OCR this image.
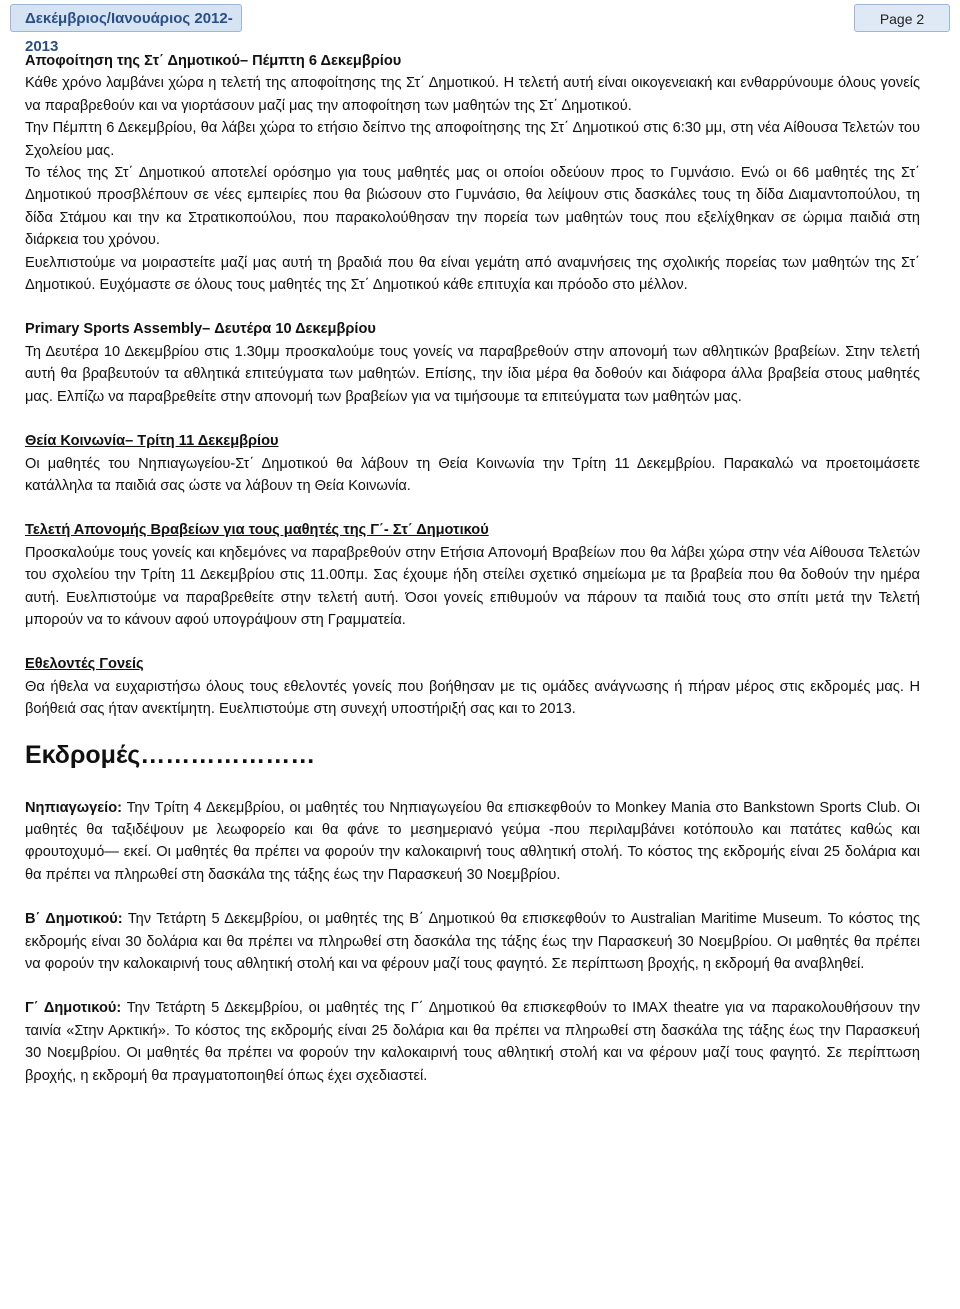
Δεκέμβριος/Ιανουάριος 2012-2013
Page 2

Αποφοίτηση της Στ΄ Δημοτικού– Πέμπτη 6 Δεκεμβρίου

Κάθε χρόνο λαμβάνει χώρα η τελετή της αποφοίτησης της Στ΄ Δημοτικού. Η τελετή αυτή είναι οικογενειακή και ενθαρρύνουμε όλους γονείς να παραβρεθούν και να γιορτάσουν μαζί μας την αποφοίτηση των μαθητών της Στ΄ Δημοτικού.

Την Πέμπτη 6 Δεκεμβρίου, θα λάβει χώρα το ετήσιο δείπνο της αποφοίτησης της Στ΄ Δημοτικού στις 6:30 μμ, στη νέα Αίθουσα Τελετών του Σχολείου μας.

Το τέλος της Στ΄ Δημοτικού αποτελεί ορόσημο για τους μαθητές μας οι οποίοι οδεύουν προς το Γυμνάσιο. Ενώ οι 66 μαθητές της Στ΄ Δημοτικού προσβλέπουν σε νέες εμπειρίες που θα βιώσουν στο Γυμνάσιο, θα λείψουν στις δασκάλες τους τη δίδα Διαμαντοπούλου, τη δίδα Στάμου και την κα Στρατικοπούλου, που παρακολούθησαν την πορεία των μαθητών τους που εξελίχθηκαν σε ώριμα παιδιά στη διάρκεια του χρόνου.

Ευελπιστούμε να μοιραστείτε μαζί μας αυτή τη βραδιά που θα είναι γεμάτη από αναμνήσεις της σχολικής πορείας των μαθητών της Στ΄ Δημοτικού. Ευχόμαστε σε όλους τους μαθητές της Στ΄ Δημοτικού κάθε επιτυχία και πρόοδο στο μέλλον.

Primary Sports Assembly– Δευτέρα 10 Δεκεμβρίου

Τη Δευτέρα 10 Δεκεμβρίου στις 1.30μμ προσκαλούμε τους γονείς να παραβρεθούν στην απονομή των αθλητικών βραβείων. Στην τελετή αυτή θα βραβευτούν τα αθλητικά επιτεύγματα των μαθητών. Επίσης, την ίδια μέρα θα δοθούν και διάφορα άλλα βραβεία στους μαθητές μας. Ελπίζω να παραβρεθείτε στην απονομή των βραβείων για να τιμήσουμε τα επιτεύγματα των μαθητών μας.

Θεία Κοινωνία– Τρίτη 11 Δεκεμβρίου

Οι μαθητές του Νηπιαγωγείου-Στ΄ Δημοτικού θα λάβουν τη Θεία Κοινωνία την Τρίτη 11 Δεκεμβρίου. Παρακαλώ να προετοιμάσετε κατάλληλα τα παιδιά σας ώστε να λάβουν τη Θεία Κοινωνία.

Τελετή Απονομής Βραβείων για τους μαθητές της Γ΄- Στ΄ Δημοτικού

Προσκαλούμε τους γονείς και κηδεμόνες να παραβρεθούν στην Ετήσια Απονομή Βραβείων που θα λάβει χώρα στην νέα Αίθουσα Τελετών του σχολείου την Τρίτη 11 Δεκεμβρίου στις 11.00πμ. Σας έχουμε ήδη στείλει σχετικό σημείωμα με τα βραβεία που θα δοθούν την ημέρα αυτή. Ευελπιστούμε να παραβρεθείτε στην τελετή αυτή. Όσοι γονείς επιθυμούν να πάρουν τα παιδιά τους στο σπίτι μετά την Τελετή μπορούν να το κάνουν αφού υπογράψουν στη Γραμματεία.

Εθελοντές Γονείς

Θα ήθελα να ευχαριστήσω όλους τους εθελοντές γονείς που βοήθησαν με τις ομάδες ανάγνωσης ή πήραν μέρος στις εκδρομές μας. Η βοήθειά σας ήταν ανεκτίμητη. Ευελπιστούμε στη συνεχή υποστήριξή σας και το 2013.

Εκδρομές…………………

Νηπιαγωγείο: Την Τρίτη 4 Δεκεμβρίου, οι μαθητές του Νηπιαγωγείου θα επισκεφθούν το Monkey Mania στο Bankstown Sports Club. Οι μαθητές θα ταξιδέψουν με λεωφορείο και θα φάνε το μεσημεριανό γεύμα -που περιλαμβάνει κοτόπουλο και πατάτες καθώς και φρουτοχυμό— εκεί. Οι μαθητές θα πρέπει να φορούν την καλοκαιρινή τους αθλητική στολή. Το κόστος της εκδρομής είναι 25 δολάρια και θα πρέπει να πληρωθεί στη δασκάλα της τάξης έως την Παρασκευή 30 Νοεμβρίου.

Β΄ Δημοτικού: Την Τετάρτη 5 Δεκεμβρίου, οι μαθητές της Β΄ Δημοτικού θα επισκεφθούν το Australian Maritime Museum. Το κόστος της εκδρομής είναι 30 δολάρια και θα πρέπει να πληρωθεί στη δασκάλα της τάξης έως την Παρασκευή 30 Νοεμβρίου. Οι μαθητές θα πρέπει να φορούν την καλοκαιρινή τους αθλητική στολή και να φέρουν μαζί τους φαγητό. Σε περίπτωση βροχής, η εκδρομή θα αναβληθεί.

Γ΄ Δημοτικού: Την Τετάρτη 5 Δεκεμβρίου, οι μαθητές της Γ΄ Δημοτικού θα επισκεφθούν το IMAX theatre για να παρακολουθήσουν την ταινία «Στην Αρκτική». Το κόστος της εκδρομής είναι 25 δολάρια και θα πρέπει να πληρωθεί στη δασκάλα της τάξης έως την Παρασκευή 30 Νοεμβρίου. Οι μαθητές θα πρέπει να φορούν την καλοκαιρινή τους αθλητική στολή και να φέρουν μαζί τους φαγητό. Σε περίπτωση βροχής, η εκδρομή θα πραγματοποιηθεί όπως έχει σχεδιαστεί.
